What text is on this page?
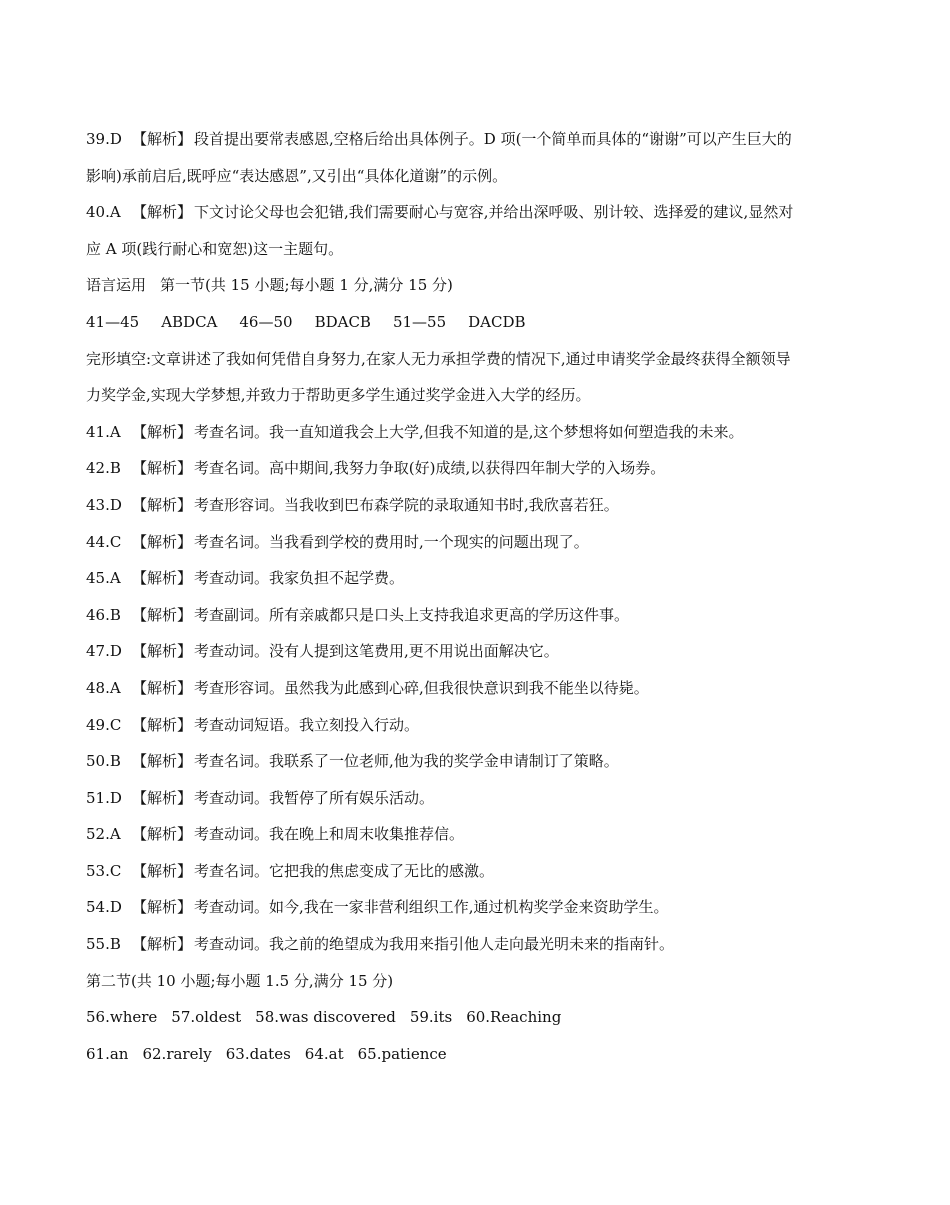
39.D 【解析】 段首提出要常表感恩,空格后给出具体例子。D 项(一个简单而具体的“谢谢”可以产生巨大的
影响)承前启后,既呼应“表达感恩”,又引出“具体化道谢”的示例。
40.A 【解析】 下文讨论父母也会犯错,我们需要耐心与宽容,并给出深呼吸、别计较、选择爱的建议,显然对
应 A 项(践行耐心和宽恕)这一主题句。
语言运用 第一节(共 15 小题;每小题 1 分,满分 15 分)
41—45 ABDCA 46—50 BDACB 51—55 DACDB
完形填空:文章讲述了我如何凭借自身努力,在家人无力承担学费的情况下,通过申请奖学金最终获得全额领导
力奖学金,实现大学梦想,并致力于帮助更多学生通过奖学金进入大学的经历。
41.A 【解析】 考查名词。我一直知道我会上大学,但我不知道的是,这个梦想将如何塑造我的未来。
42.B 【解析】 考查名词。高中期间,我努力争取(好)成绩,以获得四年制大学的入场券。
43.D 【解析】 考查形容词。当我收到巴布森学院的录取通知书时,我欣喜若狂。
44.C 【解析】 考查名词。当我看到学校的费用时,一个现实的问题出现了。
45.A 【解析】 考查动词。我家负担不起学费。
46.B 【解析】 考查副词。所有亲戚都只是口头上支持我追求更高的学历这件事。
47.D 【解析】 考查动词。没有人提到这笔费用,更不用说出面解决它。
48.A 【解析】 考查形容词。虽然我为此感到心碎,但我很快意识到我不能坐以待毙。
49.C 【解析】 考查动词短语。我立刻投入行动。
50.B 【解析】 考查名词。我联系了一位老师,他为我的奖学金申请制订了策略。
51.D 【解析】 考查动词。我暂停了所有娱乐活动。
52.A 【解析】 考查动词。我在晚上和周末收集推荐信。
53.C 【解析】 考查名词。它把我的焦虑变成了无比的感激。
54.D 【解析】 考查动词。如今,我在一家非营利组织工作,通过机构奖学金来资助学生。
55.B 【解析】 考查动词。我之前的绝望成为我用来指引他人走向最光明未来的指南针。
第二节(共 10 小题;每小题 1.5 分,满分 15 分)
56.where 57.oldest 58.was discovered 59.its 60.Reaching
61.an 62.rarely 63.dates 64.at 65.patience
